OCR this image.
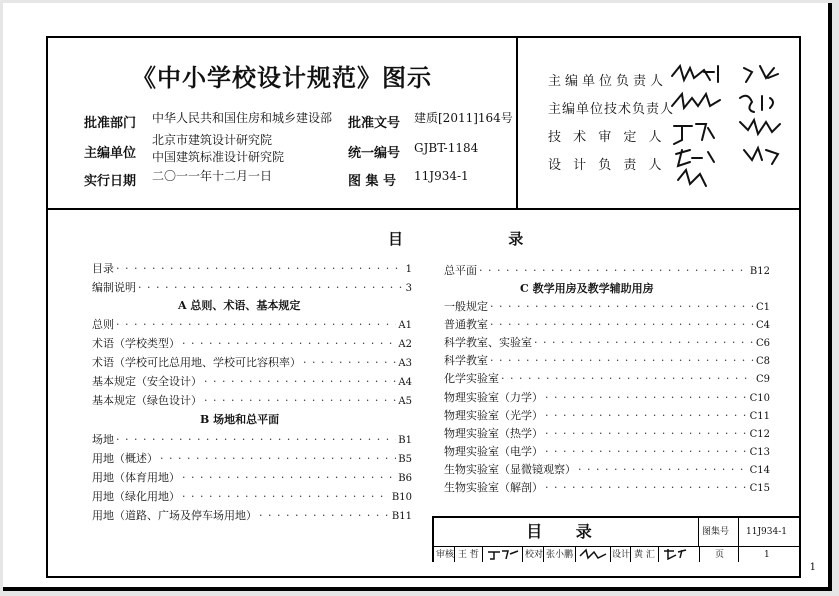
《中小学校设计规范》图示
批准部门 中华人民共和国住房和城乡建设部 批准文号 建质[2011]164号
主编单位
北京市建筑设计研究院
中国建筑标准设计研究院	统一编号 GJBT-1184
实行日期 二〇一一年十二月一日	图 集 号 11J934-1
主编单位负责人
主编单位技术负责人
技 术 审 定 人
设 计 负 责 人
目 录
目录 · · ·	1
编制说明 · · ·	3
A 总则、术语、基本规定
总则 · · ·	A1
术语（学校类型） · · ·	A2
术语（学校可比总用地、学校可比容积率） · · ·	A3
基本规定（安全设计） · · ·	A4
基本规定（绿色设计） · · ·	A5
B 场地和总平面
场地 · · ·	B1
用地（概述） · · ·	B5
用地（体育用地） · · ·	B6
用地（绿化用地） · · ·	B10
用地（道路、广场及停车场用地） · · ·	B11
总平面 · · ·	B12
C 教学用房及教学辅助用房
一般规定 · · ·	C1
普通教室 · · ·	C4
科学教室、实验室 · · ·	C6
科学教室 · · ·	C8
化学实验室 · · ·	C9
物理实验室（力学） · · ·	C10
物理实验室（光学） · · ·	C11
物理实验室（热学） · · ·	C12
物理实验室（电学） · · ·	C13
生物实验室（显微镜观察） · · ·	C14
生物实验室（解剖） · · ·	C15
目 录	图集号 11J934-1
审核 王 哲	校对 张小鹏	设计 黄 汇	页	1
1
